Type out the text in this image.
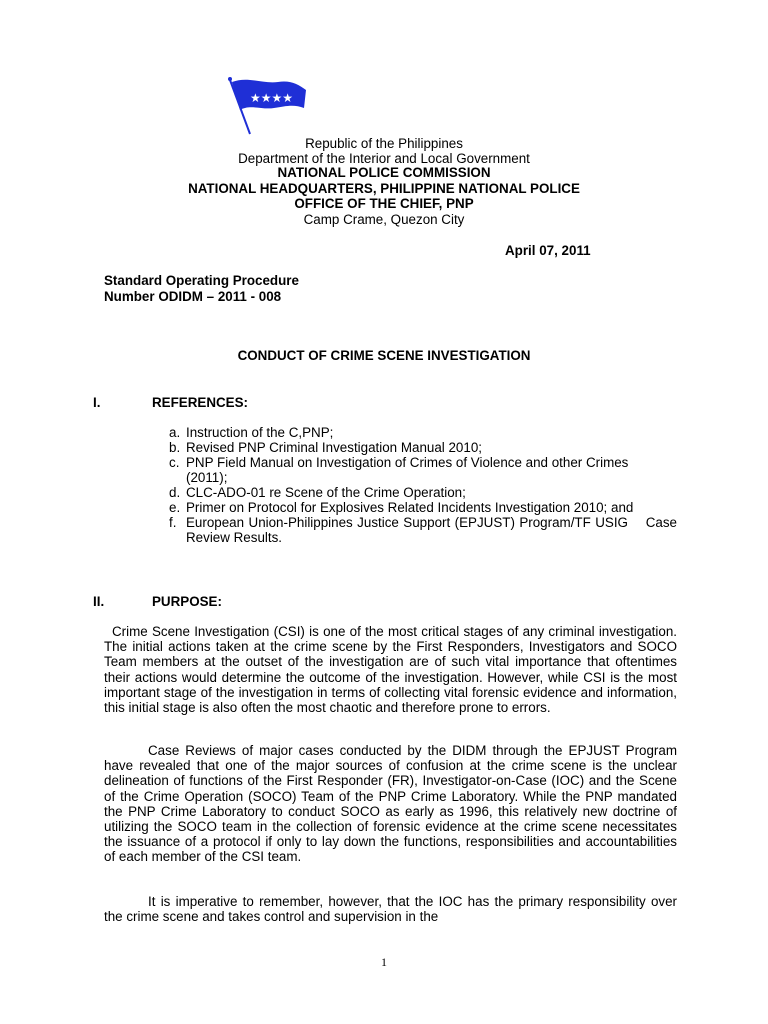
★★★★
Republic of the Philippines
Department of the Interior and Local Government
NATIONAL POLICE COMMISSION
NATIONAL HEADQUARTERS, PHILIPPINE NATIONAL POLICE
OFFICE OF THE CHIEF, PNP
Camp Crame, Quezon City
April 07, 2011
Standard Operating Procedure
Number ODIDM – 2011 - 008
CONDUCT OF CRIME SCENE INVESTIGATION
I.	REFERENCES:
a. Instruction of the C,PNP;
b. Revised PNP Criminal Investigation Manual 2010;
c. PNP Field Manual on Investigation of Crimes of Violence and other Crimes
(2011);
d. CLC-ADO-01 re Scene of the Crime Operation;
e. Primer on Protocol for Explosives Related Incidents Investigation 2010; and
f. European Union-Philippines Justice Support (EPJUST) Program/TF USIG    Case Review Results.
II.	PURPOSE:

Crime Scene Investigation (CSI) is one of the most critical stages of any criminal investigation. The initial actions taken at the crime scene by the First Responders, Investigators and SOCO Team members at the outset of the investigation are of such vital importance that oftentimes their actions would determine the outcome of the investigation. However, while CSI is the most important stage of the investigation in terms of collecting vital forensic evidence and information, this initial stage is also often the most chaotic and therefore prone to errors.

Case Reviews of major cases conducted by the DIDM through the EPJUST Program have revealed that one of the major sources of confusion at the crime scene is the unclear delineation of functions of the First Responder (FR), Investigator-on-Case (IOC) and the Scene of the Crime Operation (SOCO) Team of the PNP Crime Laboratory. While the PNP mandated the PNP Crime Laboratory to conduct SOCO as early as 1996, this relatively new doctrine of utilizing the SOCO team in the collection of forensic evidence at the crime scene necessitates the issuance of a protocol if only to lay down the functions, responsibilities and accountabilities of each member of the CSI team.

It is imperative to remember, however, that the IOC has the primary responsibility over the crime scene and takes control and supervision in the

1
